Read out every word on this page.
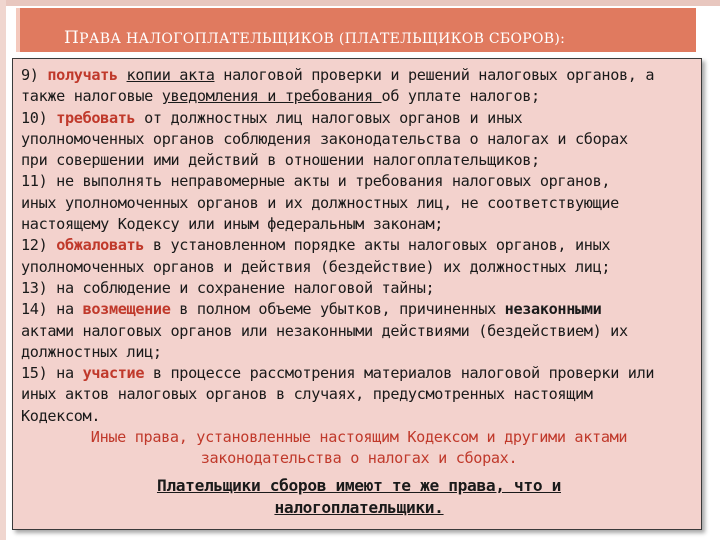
ПРАВА НАЛОГОПЛАТЕЛЬЩИКОВ (ПЛАТЕЛЬЩИКОВ СБОРОВ):
9) получать копии акта налоговой проверки и решений налоговых органов, а
также налоговые уведомления и требования об уплате налогов;
10) требовать от должностных лиц налоговых органов и иных
уполномоченных органов соблюдения законодательства о налогах и сборах
при совершении ими действий в отношении налогоплательщиков;
11) не выполнять неправомерные акты и требования налоговых органов,
иных уполномоченных органов и их должностных лиц, не соответствующие
настоящему Кодексу или иным федеральным законам;
12) обжаловать в установленном порядке акты налоговых органов, иных
уполномоченных органов и действия (бездействие) их должностных лиц;
13) на соблюдение и сохранение налоговой тайны;
14) на возмещение в полном объеме убытков, причиненных незаконными
актами налоговых органов или незаконными действиями (бездействием) их
должностных лиц;
15) на участие в процессе рассмотрения материалов налоговой проверки или
иных актов налоговых органов в случаях, предусмотренных настоящим
Кодексом.
Иные права, установленные настоящим Кодексом и другими актами
законодательства о налогах и сборах.
Плательщики сборов имеют те же права, что и
налогоплательщики.
